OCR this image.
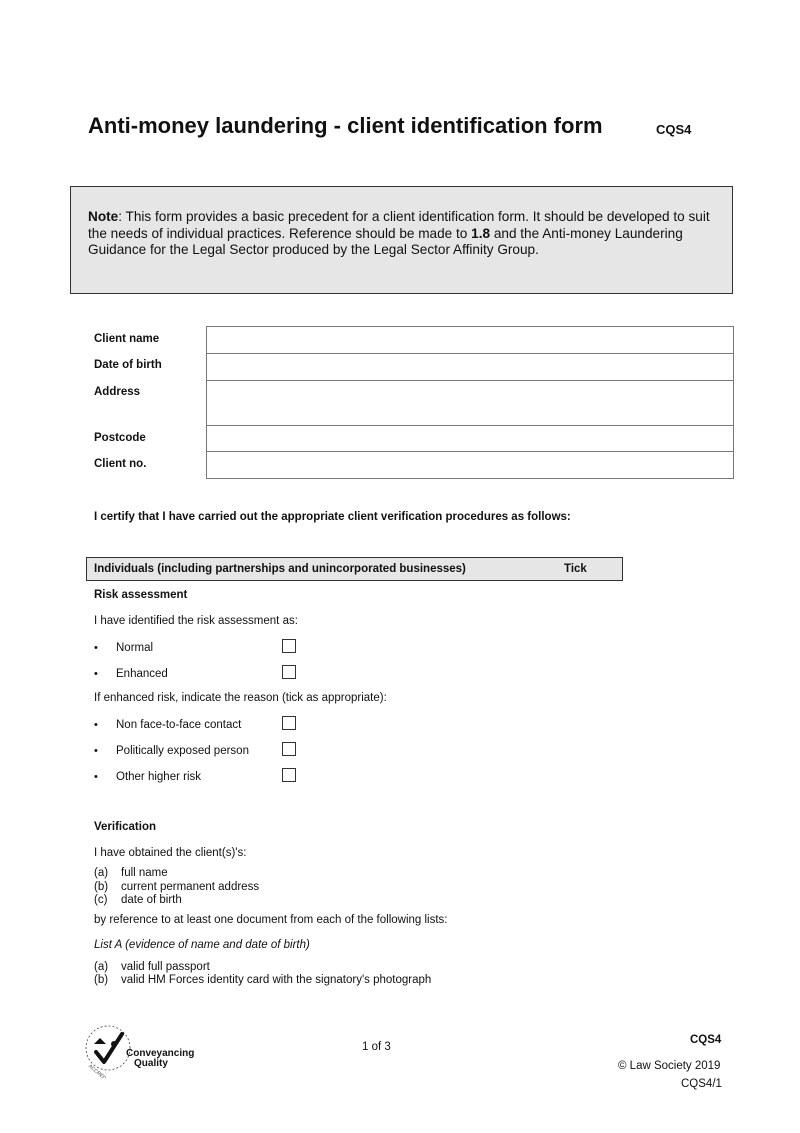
Anti-money laundering - client identification form	CQS4
Note: This form provides a basic precedent for a client identification form. It should be developed to suit the needs of individual practices. Reference should be made to 1.8 and the Anti-money Laundering Guidance for the Legal Sector produced by the Legal Sector Affinity Group.
Client name
Date of birth
Address
Postcode
Client no.
I certify that I have carried out the appropriate client verification procedures as follows:
Individuals (including partnerships and unincorporated businesses)	Tick
Risk assessment
I have identified the risk assessment as:
• Normal
• Enhanced
If enhanced risk, indicate the reason (tick as appropriate):
• Non face-to-face contact
• Politically exposed person
• Other higher risk
Verification
I have obtained the client(s)'s:
(a) full name
(b) current permanent address
(c) date of birth
by reference to at least one document from each of the following lists:
List A (evidence of name and date of birth)
(a) valid full passport
(b) valid HM Forces identity card with the signatory's photograph
ACCREDITED
Conveyancing
Quality
1 of 3
CQS4
© Law Society 2019
CQS4/1
